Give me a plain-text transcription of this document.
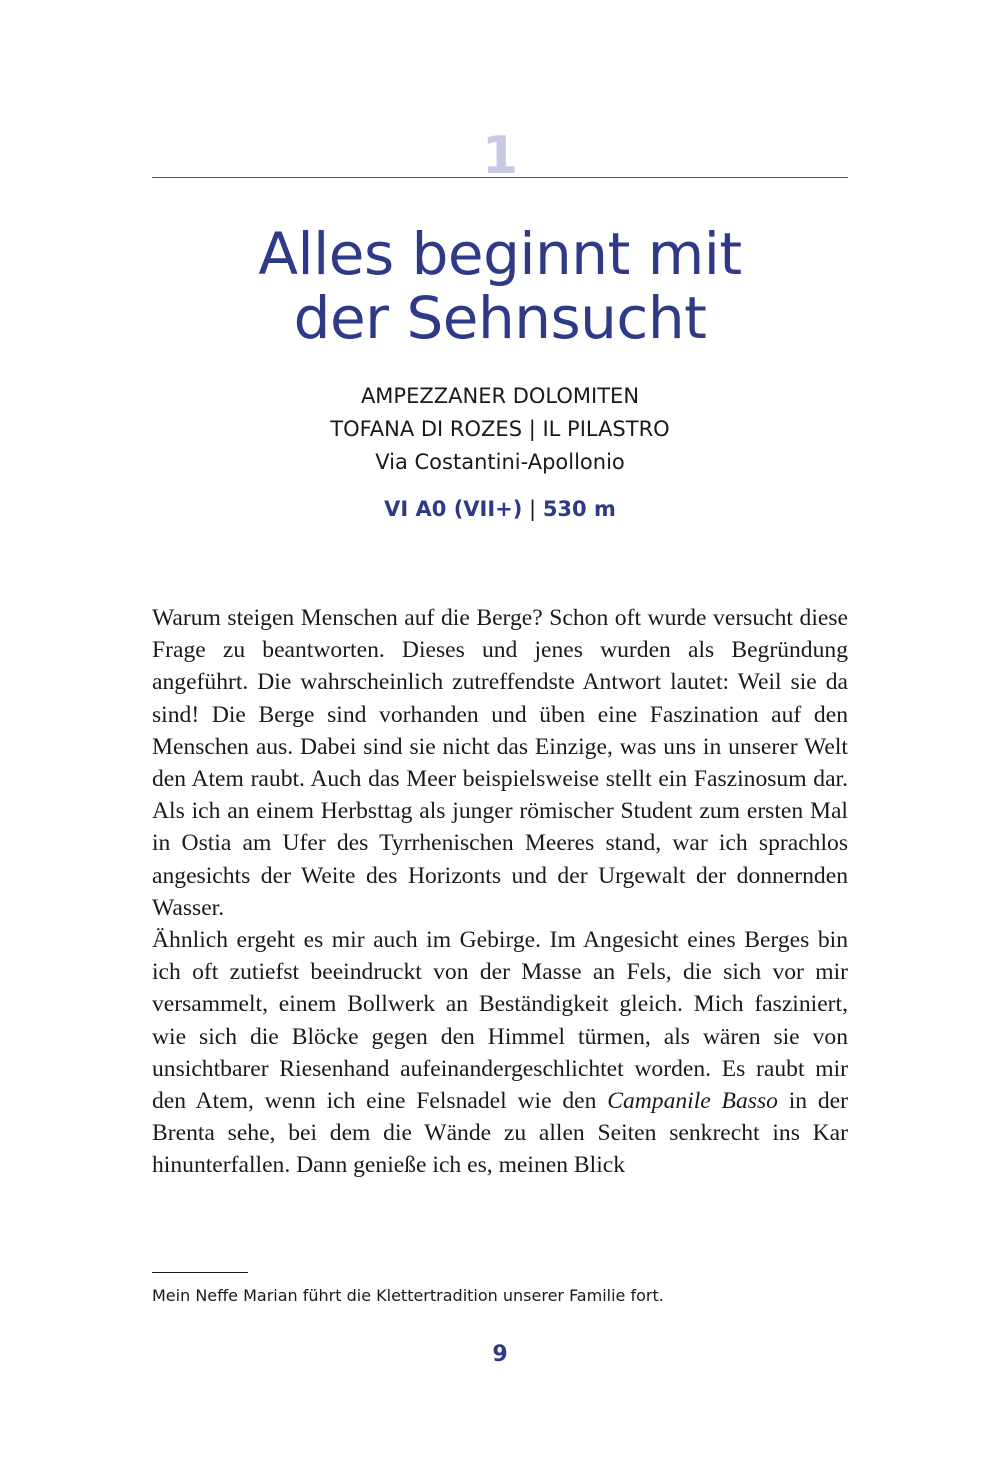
1
Alles beginnt mit
der Sehnsucht
AMPEZZANER DOLOMITEN
TOFANA DI ROZES | IL PILASTRO
Via Costantini-Apollonio
VI A0 (VII+) | 530 m

Warum steigen Menschen auf die Berge? Schon oft wurde versucht diese Frage zu beantworten. Dieses und jenes wurden als Begründung angeführt. Die wahrscheinlich zutreffendste Antwort lautet: Weil sie da sind! Die Berge sind vorhanden und üben eine Faszination auf den Menschen aus. Dabei sind sie nicht das Einzige, was uns in unserer Welt den Atem raubt. Auch das Meer beispielsweise stellt ein Faszinosum dar. Als ich an einem Herbsttag als junger römischer Student zum ersten Mal in Ostia am Ufer des Tyrrhenischen Meeres stand, war ich sprachlos angesichts der Weite des Horizonts und der Urgewalt der donnernden Wasser.

Ähnlich ergeht es mir auch im Gebirge. Im Angesicht eines Berges bin ich oft zutiefst beeindruckt von der Masse an Fels, die sich vor mir versammelt, einem Bollwerk an Beständigkeit gleich. Mich fasziniert, wie sich die Blöcke gegen den Himmel türmen, als wären sie von unsichtbarer Riesenhand aufeinandergeschlichtet worden. Es raubt mir den Atem, wenn ich eine Felsnadel wie den Campanile Basso in der Brenta sehe, bei dem die Wände zu allen Seiten senkrecht ins Kar hinunterfallen. Dann genieße ich es, meinen Blick

Mein Neffe Marian führt die Klettertradition unserer Familie fort.
9
